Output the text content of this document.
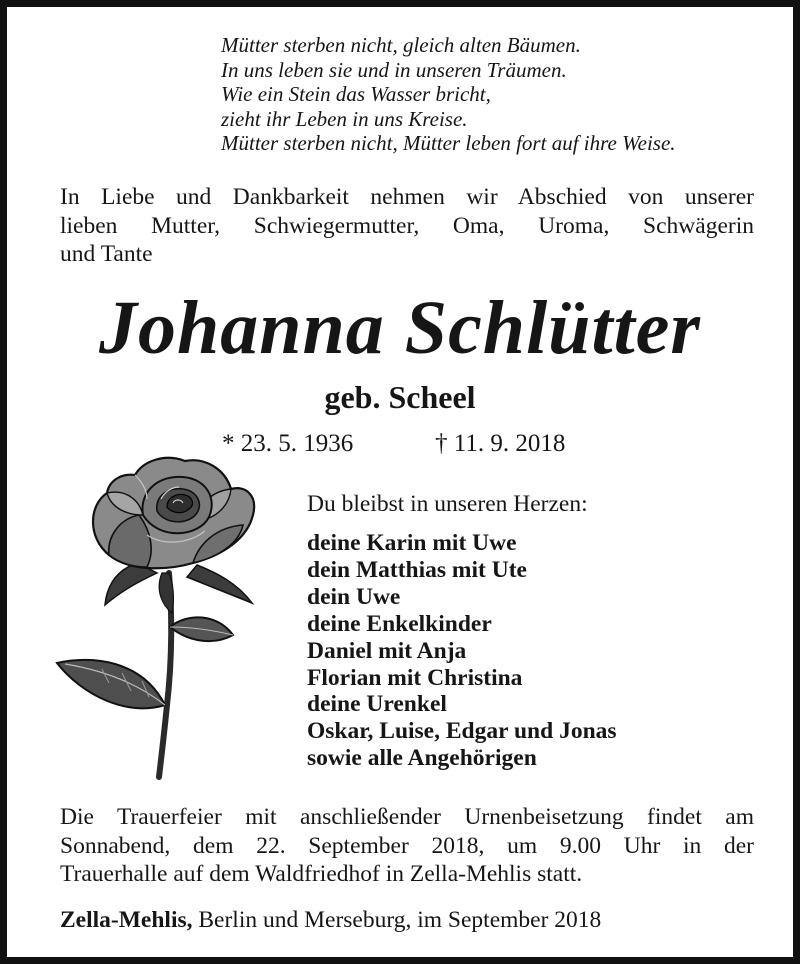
Mütter sterben nicht, gleich alten Bäumen.
In uns leben sie und in unseren Träumen.
Wie ein Stein das Wasser bricht,
zieht ihr Leben in uns Kreise.
Mütter sterben nicht, Mütter leben fort auf ihre Weise.
In Liebe und Dankbarkeit nehmen wir Abschied von unserer
lieben Mutter, Schwiegermutter, Oma, Uroma, Schwägerin
und Tante
Johanna Schlütter
geb. Scheel
* 23. 5. 1936	† 11. 9. 2018
Du bleibst in unseren Herzen:
deine Karin mit Uwe
dein Matthias mit Ute
dein Uwe
deine Enkelkinder
Daniel mit Anja
Florian mit Christina
deine Urenkel
Oskar, Luise, Edgar und Jonas
sowie alle Angehörigen
Die Trauerfeier mit anschließender Urnenbeisetzung findet am
Sonnabend, dem 22. September 2018, um 9.00 Uhr in der
Trauerhalle auf dem Waldfriedhof in Zella-Mehlis statt.
Zella-Mehlis, Berlin und Merseburg, im September 2018
